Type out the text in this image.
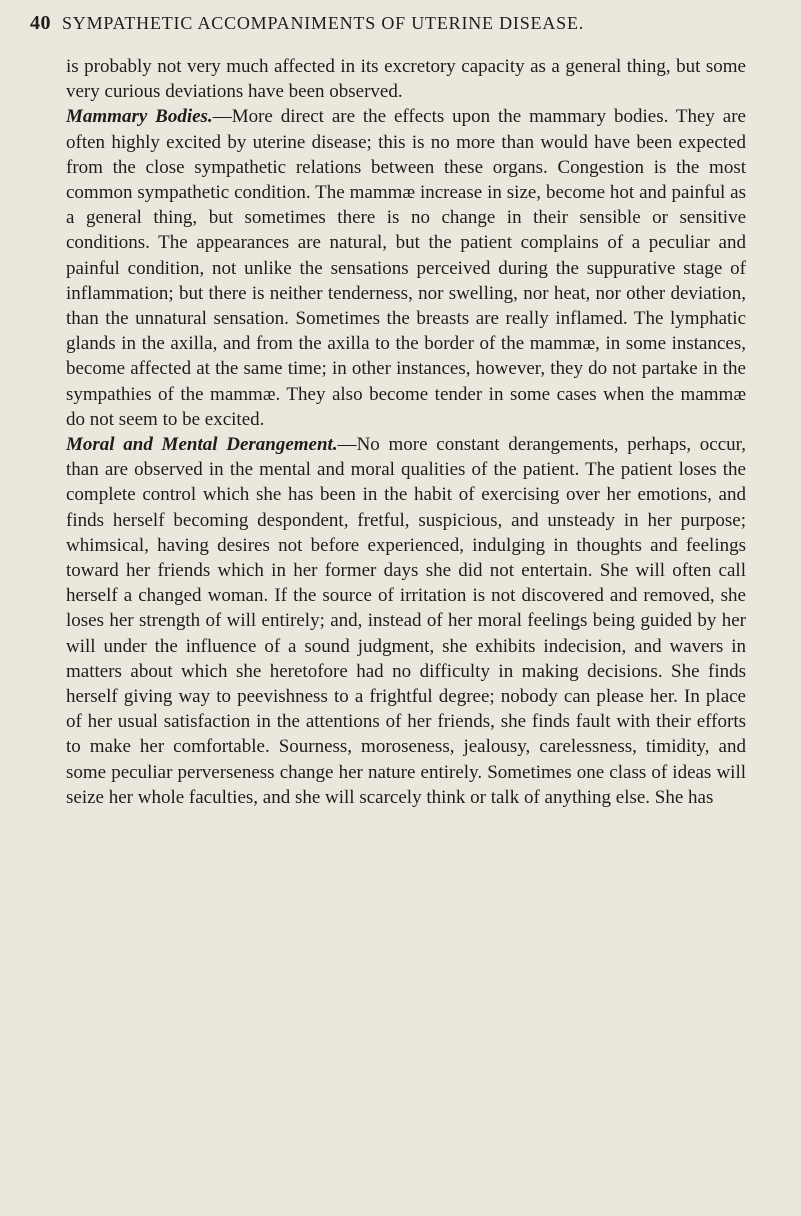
40 SYMPATHETIC ACCOMPANIMENTS OF UTERINE DISEASE.

is probably not very much affected in its excretory capacity as a general thing, but some very curious deviations have been observed.

Mammary Bodies.—More direct are the effects upon the mammary bodies. They are often highly excited by uterine disease; this is no more than would have been expected from the close sympathetic relations between these organs. Congestion is the most common sympathetic condition. The mammæ increase in size, become hot and painful as a general thing, but sometimes there is no change in their sensible or sensitive conditions. The appearances are natural, but the patient complains of a peculiar and painful condition, not unlike the sensations perceived during the suppurative stage of inflammation; but there is neither tenderness, nor swelling, nor heat, nor other deviation, than the unnatural sensation. Sometimes the breasts are really inflamed. The lymphatic glands in the axilla, and from the axilla to the border of the mammæ, in some instances, become affected at the same time; in other instances, however, they do not partake in the sympathies of the mammæ. They also become tender in some cases when the mammæ do not seem to be excited.

Moral and Mental Derangement.—No more constant derangements, perhaps, occur, than are observed in the mental and moral qualities of the patient. The patient loses the complete control which she has been in the habit of exercising over her emotions, and finds herself becoming despondent, fretful, suspicious, and unsteady in her purpose; whimsical, having desires not before experienced, indulging in thoughts and feelings toward her friends which in her former days she did not entertain. She will often call herself a changed woman. If the source of irritation is not discovered and removed, she loses her strength of will entirely; and, instead of her moral feelings being guided by her will under the influence of a sound judgment, she exhibits indecision, and wavers in matters about which she heretofore had no difficulty in making decisions. She finds herself giving way to peevishness to a frightful degree; nobody can please her. In place of her usual satisfaction in the attentions of her friends, she finds fault with their efforts to make her comfortable. Sourness, moroseness, jealousy, carelessness, timidity, and some peculiar perverseness change her nature entirely. Sometimes one class of ideas will seize her whole faculties, and she will scarcely think or talk of anything else. She has
